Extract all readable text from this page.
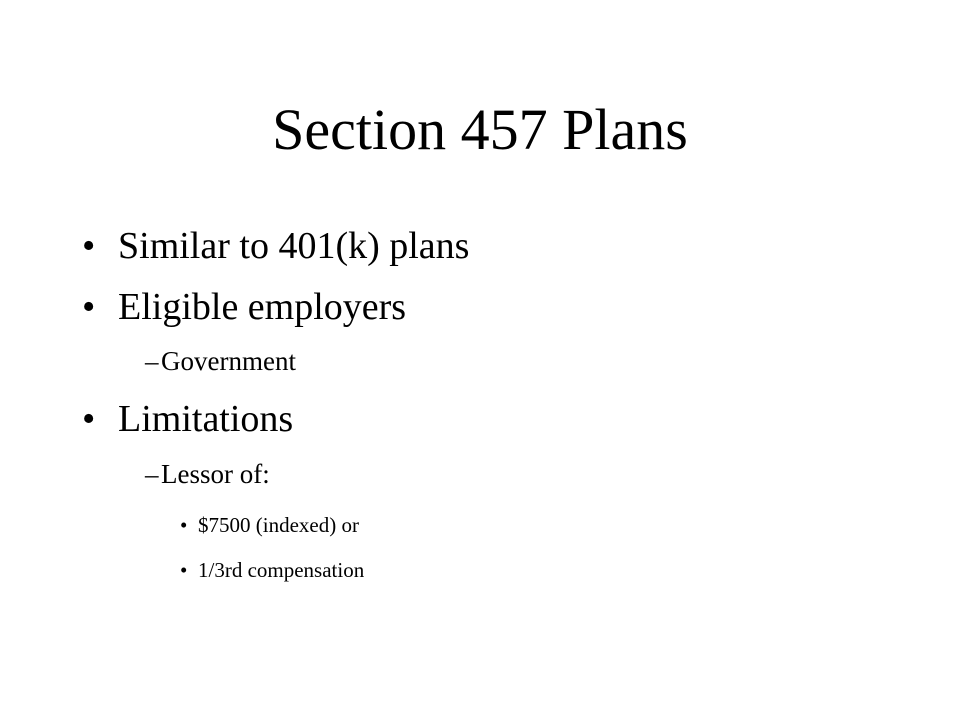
Section 457 Plans
• Similar to 401(k) plans
• Eligible employers
– Government
• Limitations
– Lessor of:
• $7500 (indexed) or
• 1/3rd compensation
